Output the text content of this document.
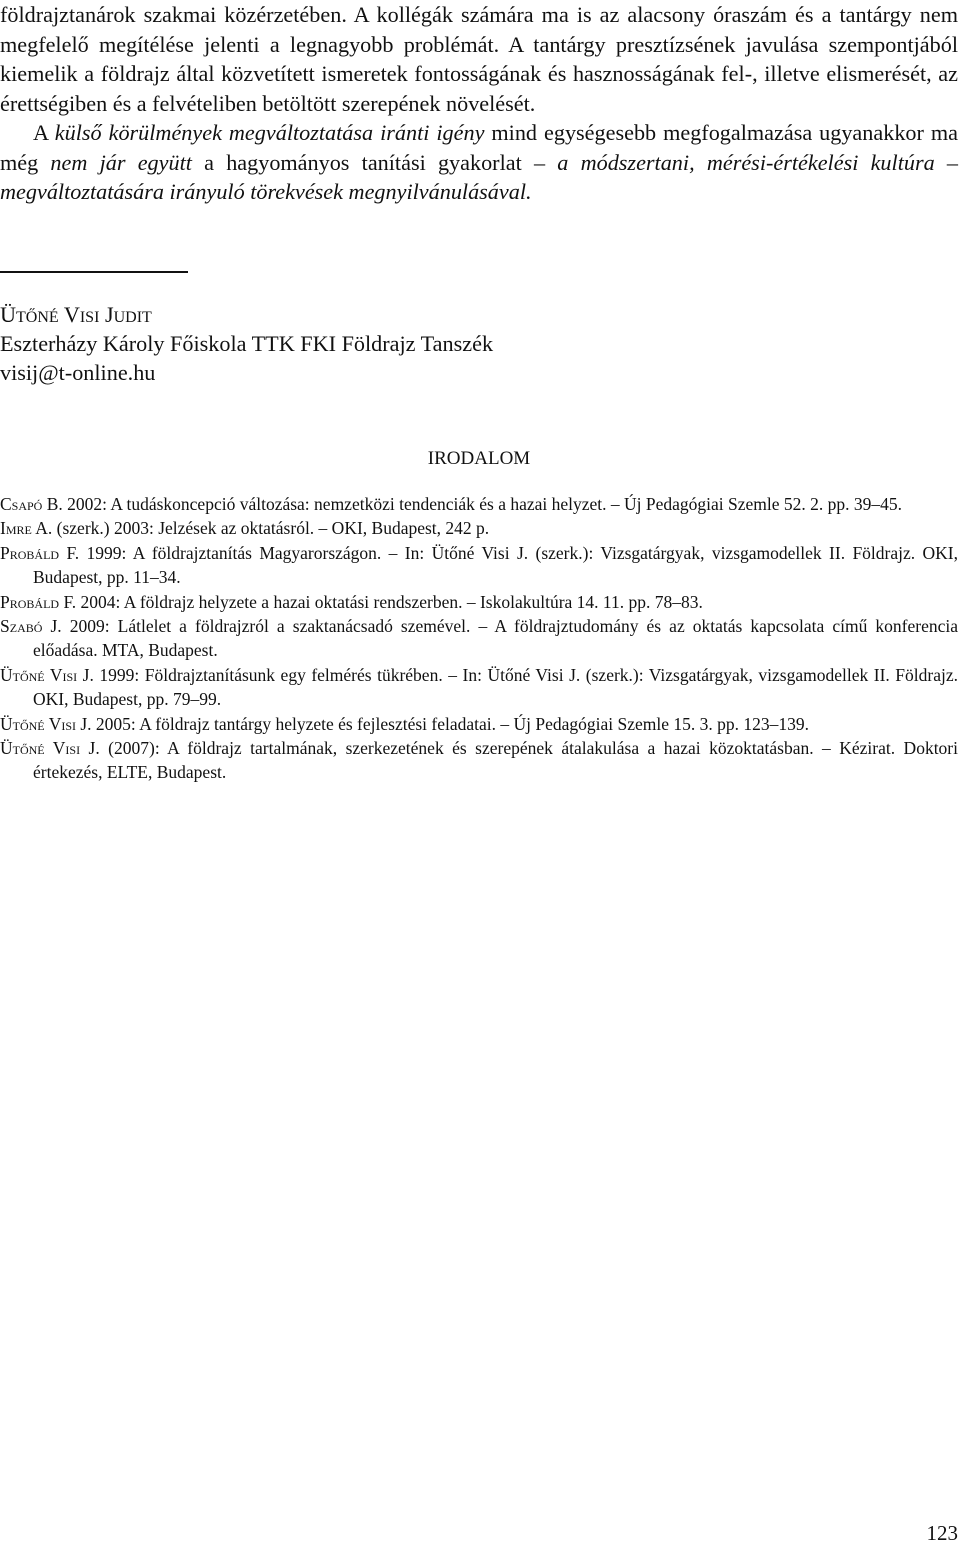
földrajztanárok szakmai közérzetében. A kollégák számára ma is az alacsony óraszám és a tantárgy nem megfelelő megítélése jelenti a legnagyobb problémát. A tantárgy presztízsének javulása szempontjából kiemelik a földrajz által közvetített ismeretek fontosságának és hasznosságának fel-, illetve elismerését, az érettségiben és a felvételiben betöltött szerepének növelését.

A külső körülmények megváltoztatása iránti igény mind egységesebb megfogalmazása ugyanakkor ma még nem jár együtt a hagyományos tanítási gyakorlat – a módszertani, mérési-értékelési kultúra – megváltoztatására irányuló törekvések megnyilvánulásával.

Ütőné Visi Judit
Eszterházy Károly Főiskola TTK FKI Földrajz Tanszék
visij@t-online.hu
IRODALOM
Csapó B. 2002: A tudáskoncepció változása: nemzetközi tendenciák és a hazai helyzet. – Új Pedagógiai Szemle 52. 2. pp. 39–45.
Imre A. (szerk.) 2003: Jelzések az oktatásról. – OKI, Budapest, 242 p.
Probáld F. 1999: A földrajztanítás Magyarországon. – In: Ütőné Visi J. (szerk.): Vizsgatárgyak, vizsgamodellek II. Földrajz. OKI, Budapest, pp. 11–34.
Probáld F. 2004: A földrajz helyzete a hazai oktatási rendszerben. – Iskolakultúra 14. 11. pp. 78–83.
Szabó J. 2009: Látlelet a földrajzról a szaktanácsadó szemével. – A földrajztudomány és az oktatás kapcsolata című konferencia előadása. MTA, Budapest.
Ütőné Visi J. 1999: Földrajztanításunk egy felmérés tükrében. – In: Ütőné Visi J. (szerk.): Vizsgatárgyak, vizsgamodellek II. Földrajz. OKI, Budapest, pp. 79–99.
Ütőné Visi J. 2005: A földrajz tantárgy helyzete és fejlesztési feladatai. – Új Pedagógiai Szemle 15. 3. pp. 123–139.
Ütőné Visi J. (2007): A földrajz tartalmának, szerkezetének és szerepének átalakulása a hazai közoktatásban. – Kézirat. Doktori értekezés, ELTE, Budapest.
123
